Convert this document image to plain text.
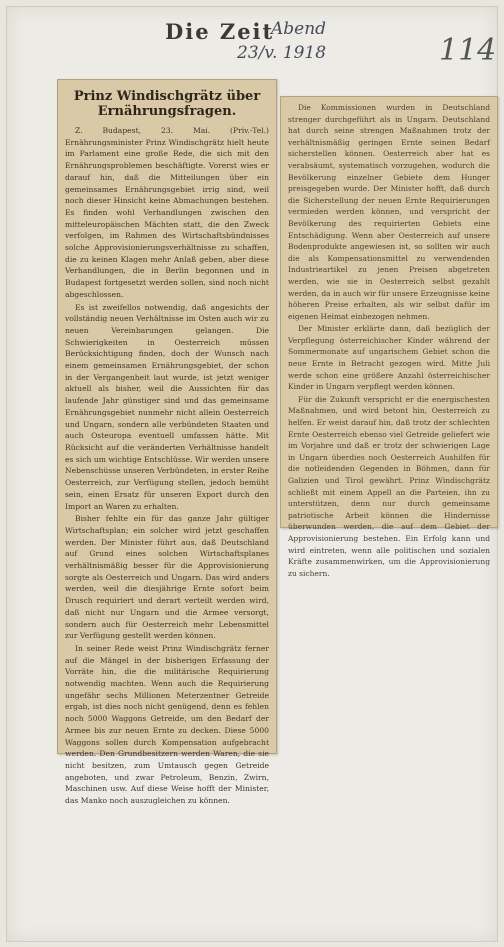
Die Zeit
Abend
23/v. 1918	114
Prinz Windischgrätz über Ernährungsfragen.

Z. Budapest, 23. Mai. (Priv.-Tel.) Ernährungsminister Prinz Windischgrätz hielt heute im Parlament eine große Rede, die sich mit den Ernährungsproblemen beschäftigte. Vorerst wies er darauf hin, daß die Mitteilungen über ein gemeinsames Ernährungsgebiet irrig sind, weil noch dieser Hinsicht keine Abmachungen bestehen. Es finden wohl Verhandlungen zwischen den mitteleuropäischen Mächten statt, die den Zweck verfolgen, im Rahmen des Wirtschaftsbündnisses solche Approvisionierungsverhältnisse zu schaffen, die zu keinen Klagen mehr Anlaß geben, aber diese Verhandlungen, die in Berlin begonnen und in Budapest fortgesetzt werden sollen, sind noch nicht abgeschlossen.

Es ist zweifellos notwendig, daß angesichts der vollständig neuen Verhältnisse im Osten auch wir zu neuen Vereinbarungen gelangen. Die Schwierigkeiten in Oesterreich müssen Berücksichtigung finden, doch der Wunsch nach einem gemeinsamen Ernährungsgebiet, der schon in der Vergangenheit laut wurde, ist jetzt weniger aktuell als bisher, weil die Aussichten für das laufende Jahr günstiger sind und das gemeinsame Ernährungsgebiet nunmehr nicht allein Oesterreich und Ungarn, sondern alle verbündeten Staaten und auch Osteuropa eventuell umfassen hätte. Mit Rücksicht auf die veränderten Verhältnisse handelt es sich um wichtige Entschlüsse. Wir werden unsere Nebenschüsse unseren Verbündeten, in erster Reihe Oesterreich, zur Verfügung stellen, jedoch bemüht sein, einen Ersatz für unseren Export durch den Import an Waren zu erhalten.

Bisher fehlte ein für das ganze Jahr gültiger Wirtschaftsplan; ein solcher wird jetzt geschaffen werden. Der Minister führt aus, daß Deutschland auf Grund eines solchen Wirtschaftsplanes verhältnismäßig besser für die Approvisionierung sorgte als Oesterreich und Ungarn. Das wird anders werden, weil die diesjährige Ernte sofort beim Drusch requiriert und derart verteilt werden wird, daß nicht nur Ungarn und die Armee versorgt, sondern auch für Oesterreich mehr Lebensmittel zur Verfügung gestellt werden können.

In seiner Rede weist Prinz Windischgrätz ferner auf die Mängel in der bisherigen Erfassung der Vorräte hin, die die militärische Requirierung notwendig machten. Wenn auch die Requirierung ungefähr sechs Millionen Meterzentner Getreide ergab, ist dies noch nicht genügend, denn es fehlen noch 5000 Waggons Getreide, um den Bedarf der Armee bis zur neuen Ernte zu decken. Diese 5000 Waggons sollen durch Kompensation aufgebracht werden. Den Grundbesitzern werden Waren, die sie nicht besitzen, zum Umtausch gegen Getreide angeboten, und zwar Petroleum, Benzin, Zwirn, Maschinen usw. Auf diese Weise hofft der Minister, das Manko noch auszugleichen zu können.

Die Kommissionen wurden in Deutschland strenger durchgeführt als in Ungarn. Deutschland hat durch seine strengen Maßnahmen trotz der verhältnismäßig geringen Ernte seinen Bedarf sicherstellen können. Oesterreich aber hat es verabsäumt, systematisch vorzugehen, wodurch die Bevölkerung einzelner Gebiete dem Hunger preisgegeben wurde. Der Minister hofft, daß durch die Sicherstellung der neuen Ernte Requirierungen vermieden werden können, und verspricht der Bevölkerung des requirierten Gebiets eine Entschädigung. Wenn aber Oesterreich auf unsere Bodenprodukte angewiesen ist, so sollten wir auch die als Kompensationsmittel zu verwendenden Industrieartikel zu jenen Preisen abgetreten werden, wie sie in Oesterreich selbst gezahlt werden, da in auch wir für unsere Erzeugnisse keine höheren Preise erhalten, als wir selbst dafür im eigenen Heimat einbezogen nehmen.

Der Minister erklärte dann, daß bezüglich der Verpflegung österreichischer Kinder während der Sommermonate auf ungarischem Gebiet schon die neue Ernte in Betracht gezogen wird. Mitte Juli werde schon eine größere Anzahl österreichischer Kinder in Ungarn verpflegt werden können.

Für die Zukunft verspricht er die energischesten Maßnahmen, und wird betont hin, Oesterreich zu helfen. Er weist darauf hin, daß trotz der schlechten Ernte Oesterreich ebenso viel Getreide geliefert wie im Vorjahre und daß er trotz der schwierigen Lage in Ungarn überdies noch Oesterreich Aushilfen für die notleidenden Gegenden in Böhmen, dann für Galizien und Tirol gewährt. Prinz Windischgrätz schließt mit einem Appell an die Parteien, ihn zu unterstützen, denn nur durch gemeinsame patriotische Arbeit können die Hindernisse überwunden werden, die auf dem Gebiet der Approvisionierung bestehen. Ein Erfolg kann und wird eintreten, wenn alle politischen und sozialen Kräfte zusammenwirken, um die Approvisionierung zu sichern.
